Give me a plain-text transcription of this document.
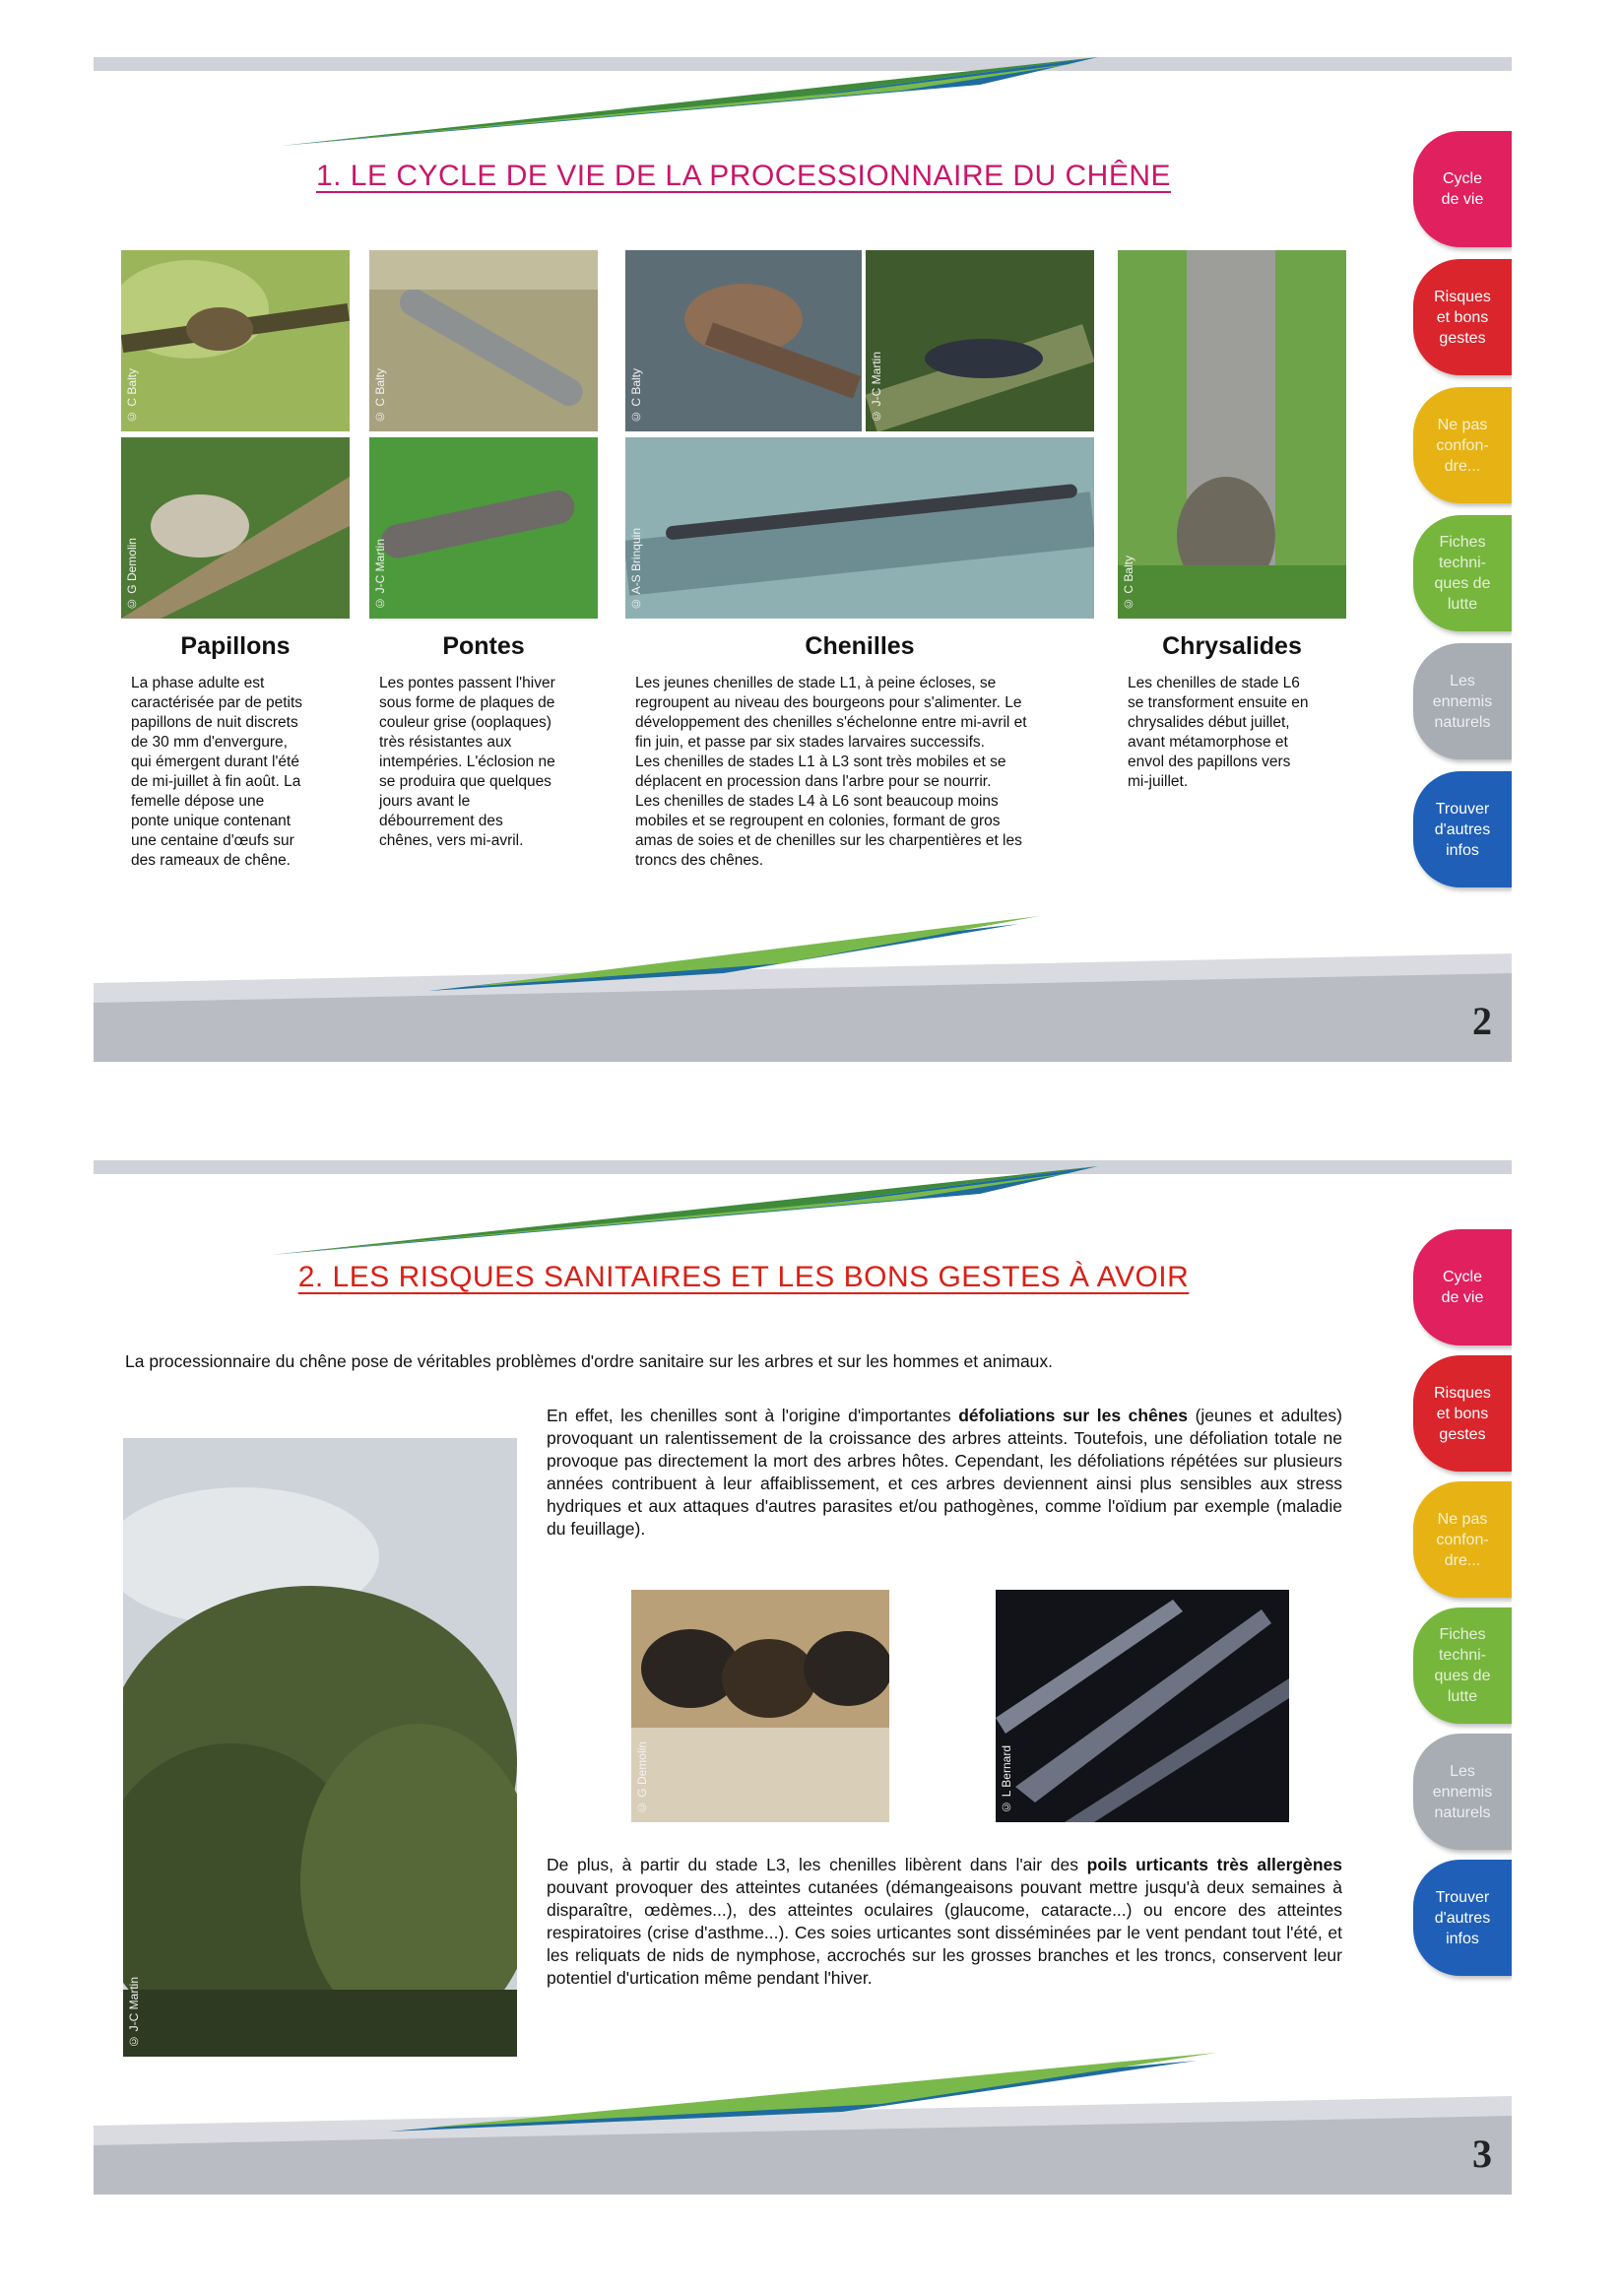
1. LE CYCLE DE VIE DE LA PROCESSIONNAIRE DU CHÊNE
© C Balty
© G Demolin
© C Balty
© J-C Martin
© C Balty	© J-C Martin
© A-S Brinquin	© C Balty
Papillons
La phase adulte est
caractérisée par de petits
papillons de nuit discrets
de 30 mm d'envergure,
qui émergent durant l'été
de mi-juillet à fin août. La
femelle dépose une
ponte unique contenant
une centaine d'œufs sur
des rameaux de chêne.
Pontes
Les pontes passent l'hiver
sous forme de plaques de
couleur grise (ooplaques)
très résistantes aux
intempéries. L'éclosion ne
se produira que quelques
jours avant le
débourrement des
chênes, vers mi-avril.
Chenilles
Les jeunes chenilles de stade L1, à peine écloses, se
regroupent au niveau des bourgeons pour s'alimenter. Le
développement des chenilles s'échelonne entre mi-avril et
fin juin, et passe par six stades larvaires successifs.
Les chenilles de stades L1 à L3 sont très mobiles et se
déplacent en procession dans l'arbre pour se nourrir.
Les chenilles de stades L4 à L6 sont beaucoup moins
mobiles et se regroupent en colonies, formant de gros
amas de soies et de chenilles sur les charpentières et les
troncs des chênes.
Chrysalides
Les chenilles de stade L6
se transforment ensuite en
chrysalides début juillet,
avant métamorphose et
envol des papillons vers
mi-juillet.
Cycle
de vie
Risques
et bons
gestes
Ne pas
confon-
dre...
Fiches
techni-
ques de
lutte
Les
ennemis
naturels
Trouver
d'autres
infos
2
2. LES RISQUES SANITAIRES ET LES BONS GESTES À AVOIR
La processionnaire du chêne pose de véritables problèmes d'ordre sanitaire sur les arbres et sur les hommes et animaux.
© J-C Martin
En effet, les chenilles sont à l'origine d'importantes défoliations sur les chênes (jeunes et adultes) provoquant un ralentissement de la croissance des arbres atteints. Toutefois, une défoliation totale ne provoque pas directement la mort des arbres hôtes. Cependant, les défoliations répétées sur plusieurs années contribuent à leur affaiblissement, et ces arbres deviennent ainsi plus sensibles aux stress hydriques et aux attaques d'autres parasites et/ou pathogènes, comme l'oïdium par exemple (maladie du feuillage).
© G Demolin	© L Bernard
De plus, à partir du stade L3, les chenilles libèrent dans l'air des poils urticants très allergènes pouvant provoquer des atteintes cutanées (démangeaisons pouvant mettre jusqu'à deux semaines à disparaître, œdèmes...), des atteintes oculaires (glaucome, cataracte...) ou encore des atteintes respiratoires (crise d'asthme...). Ces soies urticantes sont disséminées par le vent pendant tout l'été, et les reliquats de nids de nymphose, accrochés sur les grosses branches et les troncs, conservent leur potentiel d'urtication même pendant l'hiver.
Cycle
de vie
Risques
et bons
gestes
Ne pas
confon-
dre...
Fiches
techni-
ques de
lutte
Les
ennemis
naturels
Trouver
d'autres
infos
3
